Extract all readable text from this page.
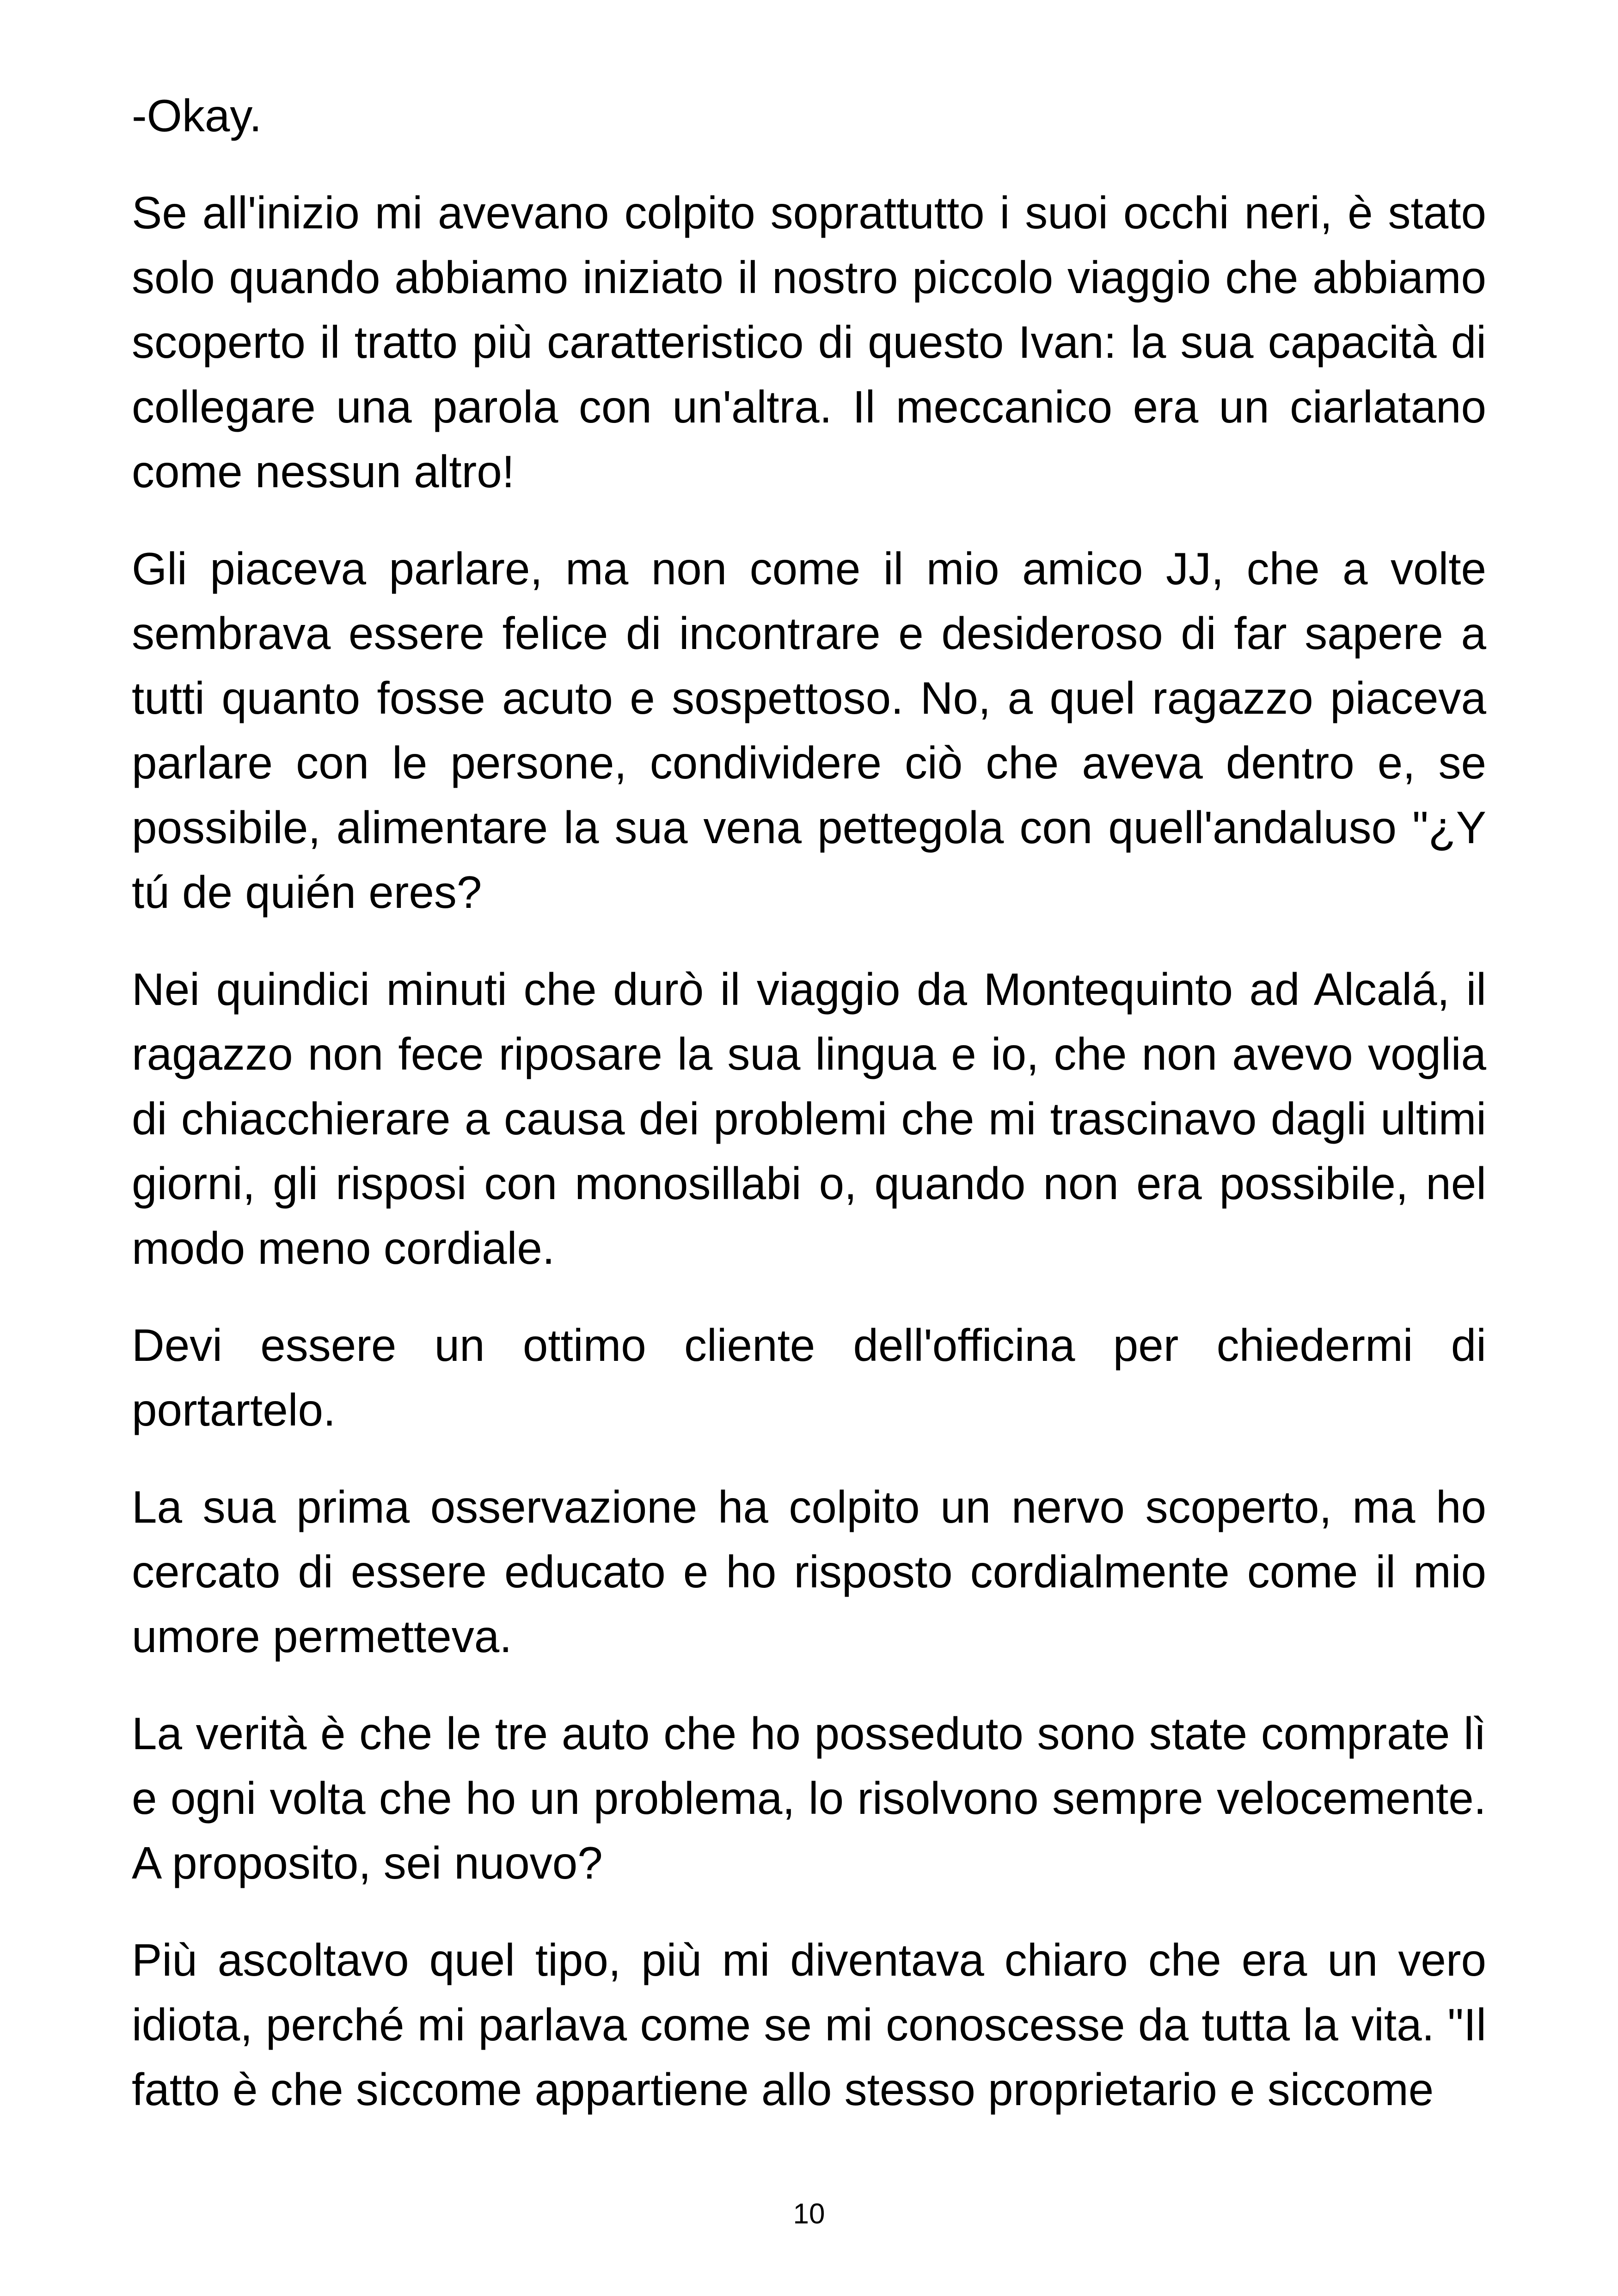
-Okay.

Se all'inizio mi avevano colpito soprattutto i suoi occhi neri, è stato solo quando abbiamo iniziato il nostro piccolo viaggio che abbiamo scoperto il tratto più caratteristico di questo Ivan: la sua capacità di collegare una parola con un'altra. Il meccanico era un ciarlatano come nessun altro!

Gli piaceva parlare, ma non come il mio amico JJ, che a volte sembrava essere felice di incontrare e desideroso di far sapere a tutti quanto fosse acuto e sospettoso. No, a quel ragazzo piaceva parlare con le persone, condividere ciò che aveva dentro e, se possibile, alimentare la sua vena pettegola con quell'andaluso "¿Y tú de quién eres?

Nei quindici minuti che durò il viaggio da Montequinto ad Alcalá, il ragazzo non fece riposare la sua lingua e io, che non avevo voglia di chiacchierare a causa dei problemi che mi trascinavo dagli ultimi giorni, gli risposi con monosillabi o, quando non era possibile, nel modo meno cordiale.

Devi essere un ottimo cliente dell'officina per chiedermi di portartelo.

La sua prima osservazione ha colpito un nervo scoperto, ma ho cercato di essere educato e ho risposto cordialmente come il mio umore permetteva.

La verità è che le tre auto che ho posseduto sono state comprate lì e ogni volta che ho un problema, lo risolvono sempre velocemente. A proposito, sei nuovo?

Più ascoltavo quel tipo, più mi diventava chiaro che era un vero idiota, perché mi parlava come se mi conoscesse da tutta la vita. "Il fatto è che siccome appartiene allo stesso proprietario e siccome

10
